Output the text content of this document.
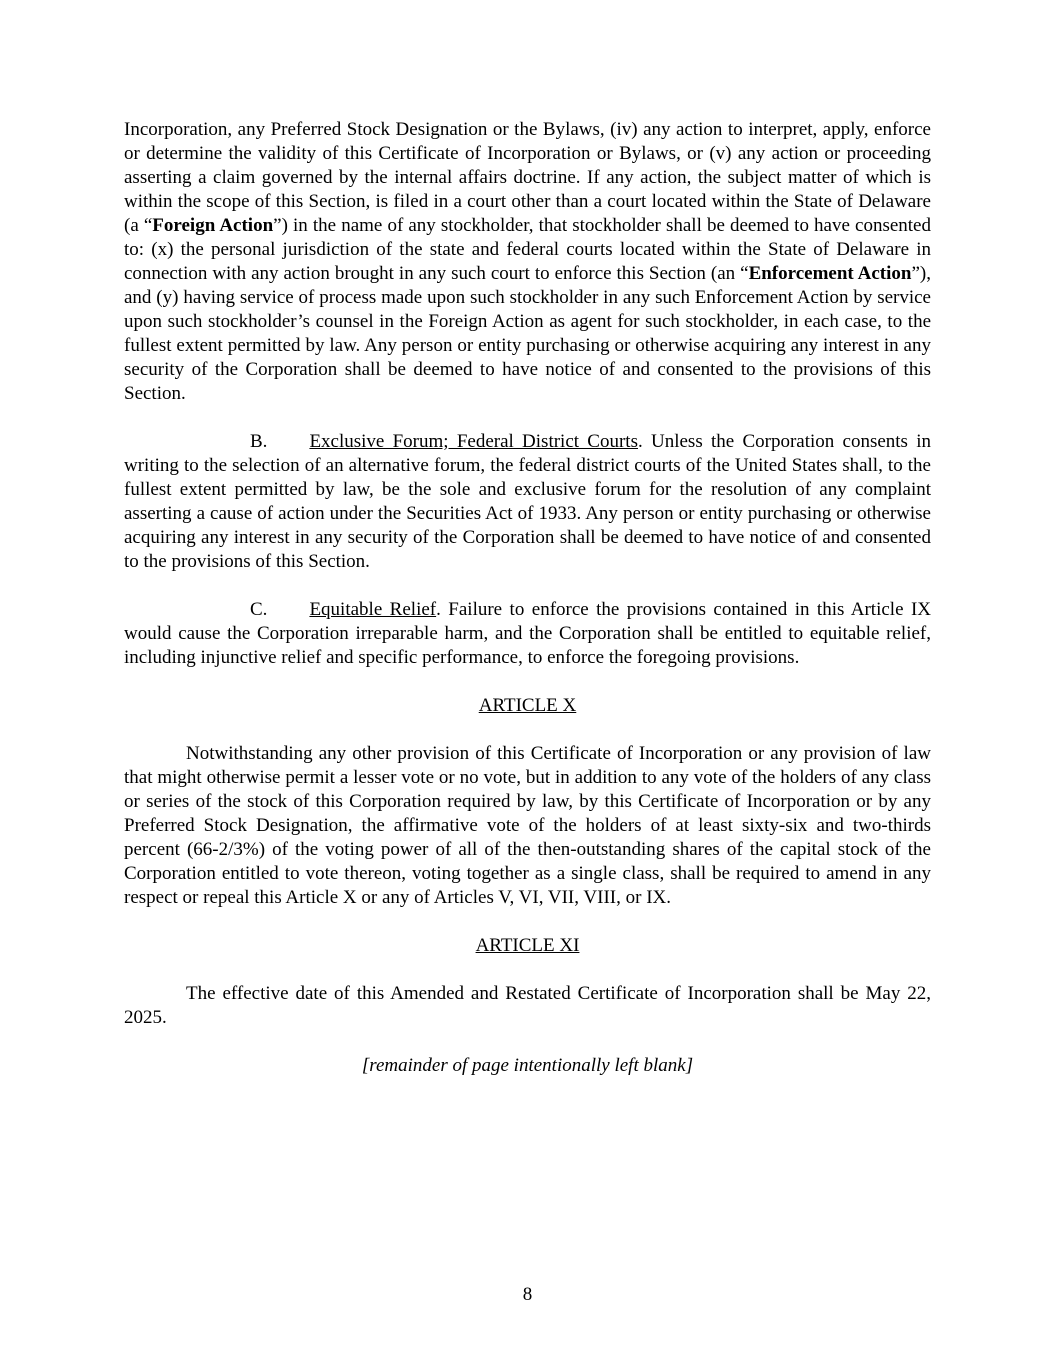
Incorporation, any Preferred Stock Designation or the Bylaws, (iv) any action to interpret, apply, enforce or determine the validity of this Certificate of Incorporation or Bylaws, or (v) any action or proceeding asserting a claim governed by the internal affairs doctrine. If any action, the subject matter of which is within the scope of this Section, is filed in a court other than a court located within the State of Delaware (a “Foreign Action”) in the name of any stockholder, that stockholder shall be deemed to have consented to: (x) the personal jurisdiction of the state and federal courts located within the State of Delaware in connection with any action brought in any such court to enforce this Section (an “Enforcement Action”), and (y) having service of process made upon such stockholder in any such Enforcement Action by service upon such stockholder’s counsel in the Foreign Action as agent for such stockholder, in each case, to the fullest extent permitted by law. Any person or entity purchasing or otherwise acquiring any interest in any security of the Corporation shall be deemed to have notice of and consented to the provisions of this Section.

B. Exclusive Forum; Federal District Courts. Unless the Corporation consents in writing to the selection of an alternative forum, the federal district courts of the United States shall, to the fullest extent permitted by law, be the sole and exclusive forum for the resolution of any complaint asserting a cause of action under the Securities Act of 1933. Any person or entity purchasing or otherwise acquiring any interest in any security of the Corporation shall be deemed to have notice of and consented to the provisions of this Section.

C. Equitable Relief. Failure to enforce the provisions contained in this Article IX would cause the Corporation irreparable harm, and the Corporation shall be entitled to equitable relief, including injunctive relief and specific performance, to enforce the foregoing provisions.

ARTICLE X

Notwithstanding any other provision of this Certificate of Incorporation or any provision of law that might otherwise permit a lesser vote or no vote, but in addition to any vote of the holders of any class or series of the stock of this Corporation required by law, by this Certificate of Incorporation or by any Preferred Stock Designation, the affirmative vote of the holders of at least sixty-six and two-thirds percent (66-2/3%) of the voting power of all of the then-outstanding shares of the capital stock of the Corporation entitled to vote thereon, voting together as a single class, shall be required to amend in any respect or repeal this Article X or any of Articles V, VI, VII, VIII, or IX.

ARTICLE XI

The effective date of this Amended and Restated Certificate of Incorporation shall be May 22, 2025.

[remainder of page intentionally left blank]

8
